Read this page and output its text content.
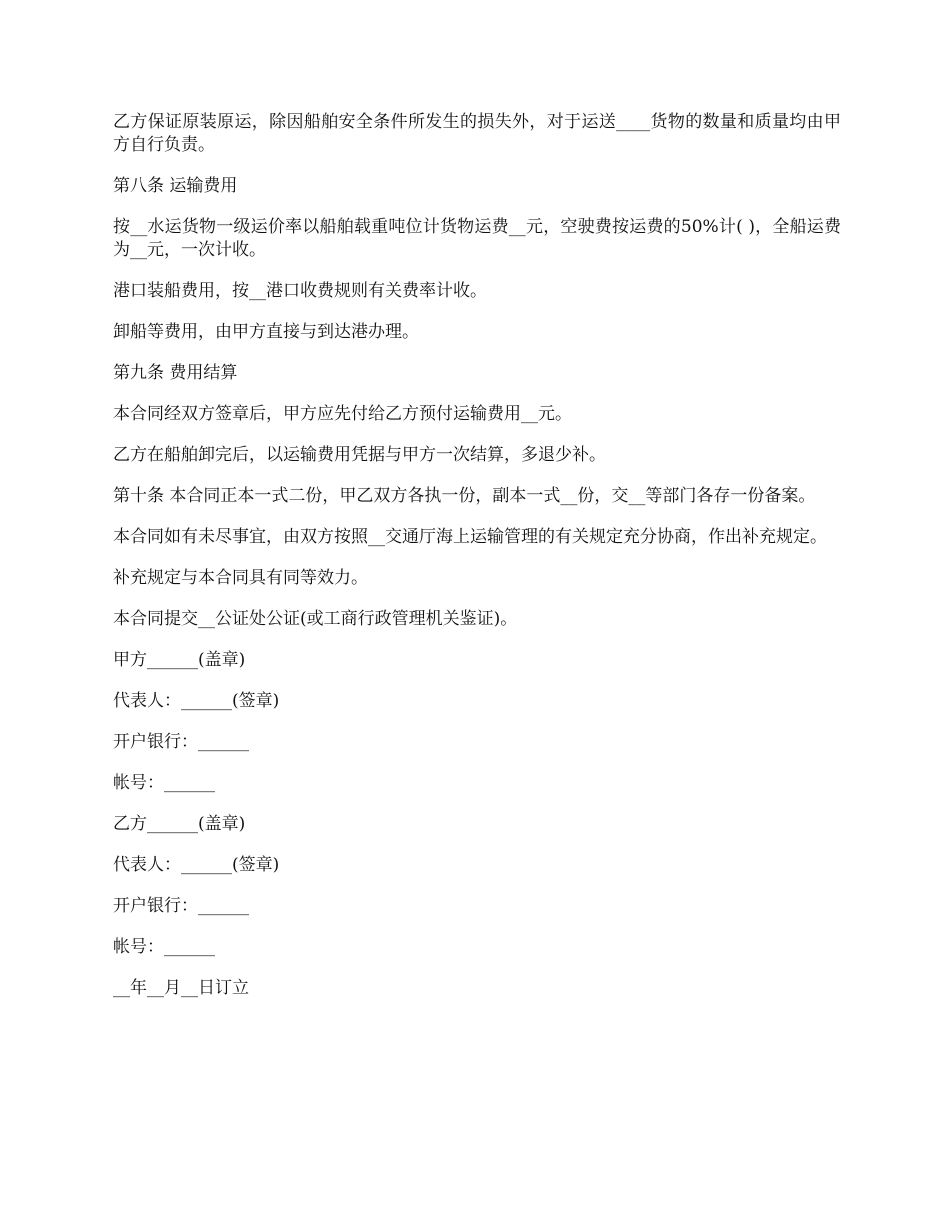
乙方保证原装原运，除因船舶安全条件所发生的损失外，对于运送____货物的数量和质量均由甲方自行负责。

第八条 运输费用

按__水运货物一级运价率以船舶载重吨位计货物运费__元，空驶费按运费的50%计( )，全船运费为__元，一次计收。

港口装船费用，按__港口收费规则有关费率计收。

卸船等费用，由甲方直接与到达港办理。

第九条 费用结算

本合同经双方签章后，甲方应先付给乙方预付运输费用__元。

乙方在船舶卸完后，以运输费用凭据与甲方一次结算，多退少补。

第十条 本合同正本一式二份，甲乙双方各执一份，副本一式__份，交__等部门各存一份备案。

本合同如有未尽事宜，由双方按照__交通厅海上运输管理的有关规定充分协商，作出补充规定。

补充规定与本合同具有同等效力。

本合同提交__公证处公证(或工商行政管理机关鉴证)。

甲方______(盖章)

代表人：______(签章)

开户银行：______

帐号：______

乙方______(盖章)

代表人：______(签章)

开户银行：______

帐号：______

__年__月__日订立
